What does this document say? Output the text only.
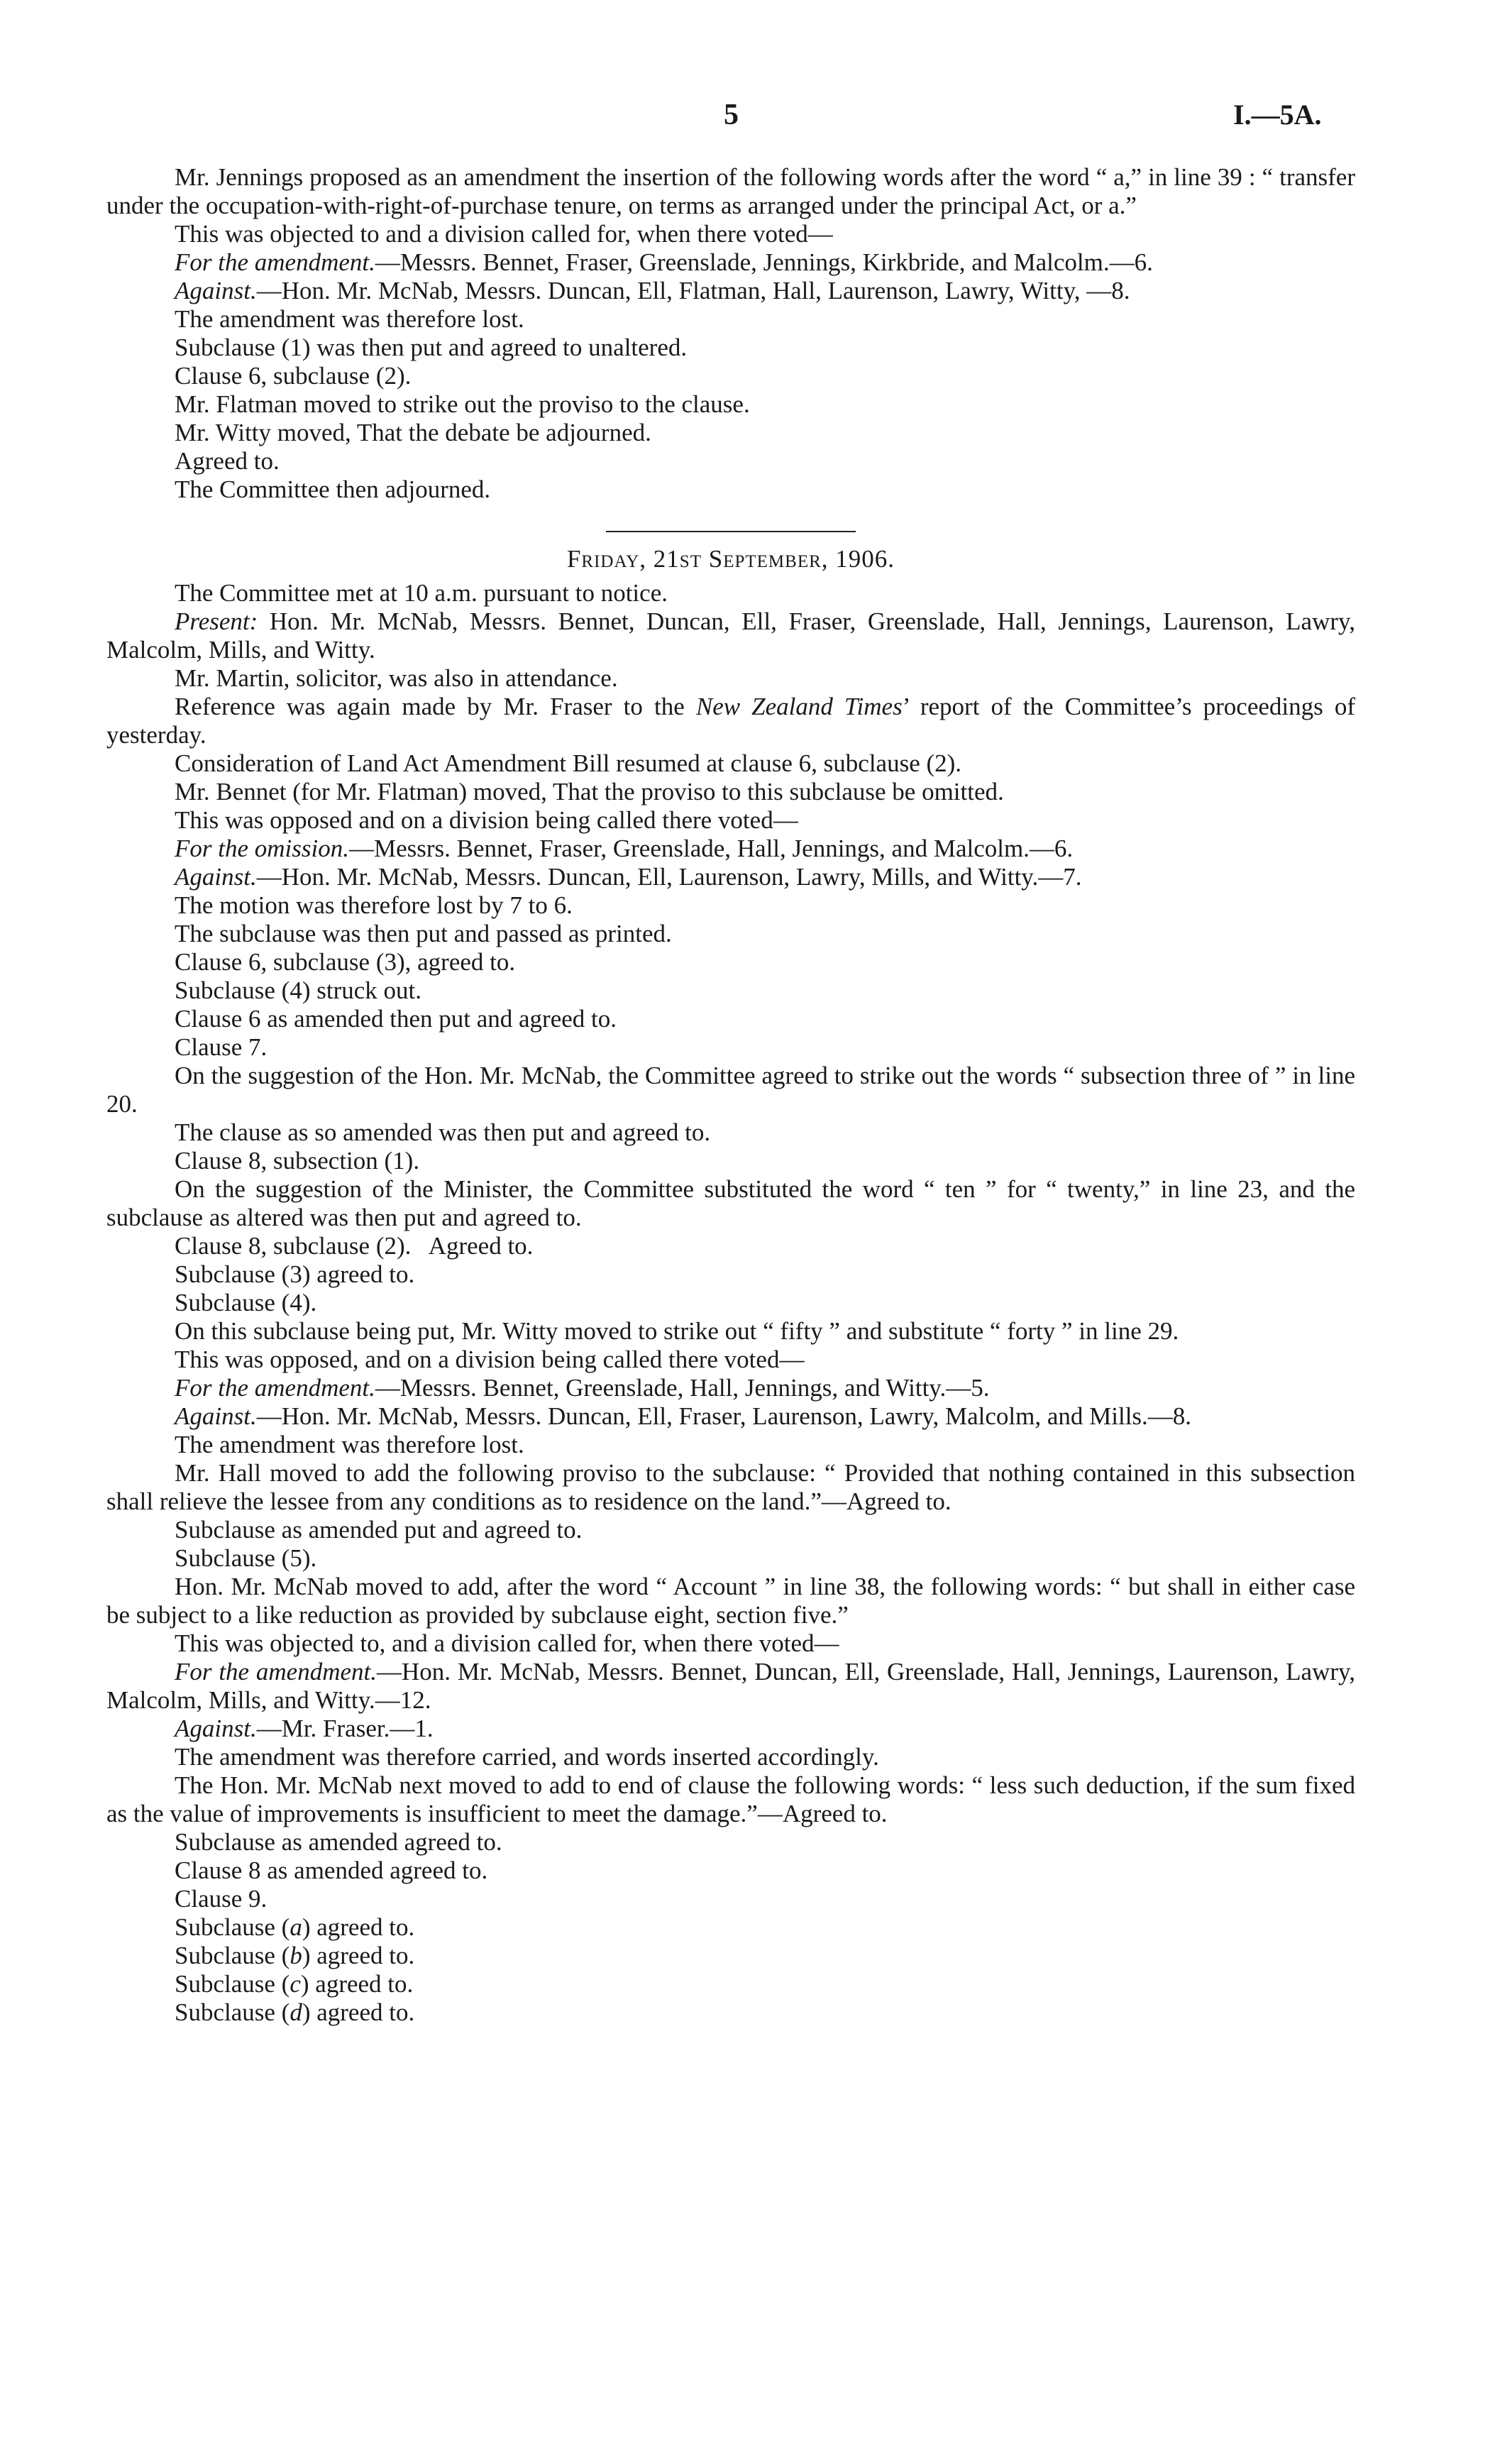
5	I.—5A.

Mr. Jennings proposed as an amendment the insertion of the following words after the word “ a,” in line 39 : “ transfer under the occupation-with-right-of-purchase tenure, on terms as arranged under the principal Act, or a.”

This was objected to and a division called for, when there voted—

For the amendment.—Messrs. Bennet, Fraser, Greenslade, Jennings, Kirkbride, and Malcolm.—6.

Against.—Hon. Mr. McNab, Messrs. Duncan, Ell, Flatman, Hall, Laurenson, Lawry, Witty, —8.

The amendment was therefore lost.

Subclause (1) was then put and agreed to unaltered.

Clause 6, subclause (2).

Mr. Flatman moved to strike out the proviso to the clause.

Mr. Witty moved, That the debate be adjourned.

Agreed to.

The Committee then adjourned.

Friday, 21st September, 1906.

The Committee met at 10 a.m. pursuant to notice.

Present: Hon. Mr. McNab, Messrs. Bennet, Duncan, Ell, Fraser, Greenslade, Hall, Jennings, Laurenson, Lawry, Malcolm, Mills, and Witty.

Mr. Martin, solicitor, was also in attendance.

Reference was again made by Mr. Fraser to the New Zealand Times’ report of the Committee’s proceedings of yesterday.

Consideration of Land Act Amendment Bill resumed at clause 6, subclause (2).

Mr. Bennet (for Mr. Flatman) moved, That the proviso to this subclause be omitted.

This was opposed and on a division being called there voted—

For the omission.—Messrs. Bennet, Fraser, Greenslade, Hall, Jennings, and Malcolm.—6.

Against.—Hon. Mr. McNab, Messrs. Duncan, Ell, Laurenson, Lawry, Mills, and Witty.—7.

The motion was therefore lost by 7 to 6.

The subclause was then put and passed as printed.

Clause 6, subclause (3), agreed to.

Subclause (4) struck out.

Clause 6 as amended then put and agreed to.

Clause 7.

On the suggestion of the Hon. Mr. McNab, the Committee agreed to strike out the words “ subsection three of ” in line 20.

The clause as so amended was then put and agreed to.

Clause 8, subsection (1).

On the suggestion of the Minister, the Committee substituted the word “ ten ” for “ twenty,” in line 23, and the subclause as altered was then put and agreed to.

Clause 8, subclause (2).   Agreed to.

Subclause (3) agreed to.

Subclause (4).

On this subclause being put, Mr. Witty moved to strike out “ fifty ” and substitute “ forty ” in line 29.

This was opposed, and on a division being called there voted—

For the amendment.—Messrs. Bennet, Greenslade, Hall, Jennings, and Witty.—5.

Against.—Hon. Mr. McNab, Messrs. Duncan, Ell, Fraser, Laurenson, Lawry, Malcolm, and Mills.—8.

The amendment was therefore lost.

Mr. Hall moved to add the following proviso to the subclause: “ Provided that nothing contained in this subsection shall relieve the lessee from any conditions as to residence on the land.”—Agreed to.

Subclause as amended put and agreed to.

Subclause (5).

Hon. Mr. McNab moved to add, after the word “ Account ” in line 38, the following words: “ but shall in either case be subject to a like reduction as provided by subclause eight, section five.”

This was objected to, and a division called for, when there voted—

For the amendment.—Hon. Mr. McNab, Messrs. Bennet, Duncan, Ell, Greenslade, Hall, Jennings, Laurenson, Lawry, Malcolm, Mills, and Witty.—12.

Against.—Mr. Fraser.—1.

The amendment was therefore carried, and words inserted accordingly.

The Hon. Mr. McNab next moved to add to end of clause the following words: “ less such deduction, if the sum fixed as the value of improvements is insufficient to meet the damage.”—Agreed to.

Subclause as amended agreed to.

Clause 8 as amended agreed to.

Clause 9.

Subclause (a) agreed to.

Subclause (b) agreed to.

Subclause (c) agreed to.

Subclause (d) agreed to.
